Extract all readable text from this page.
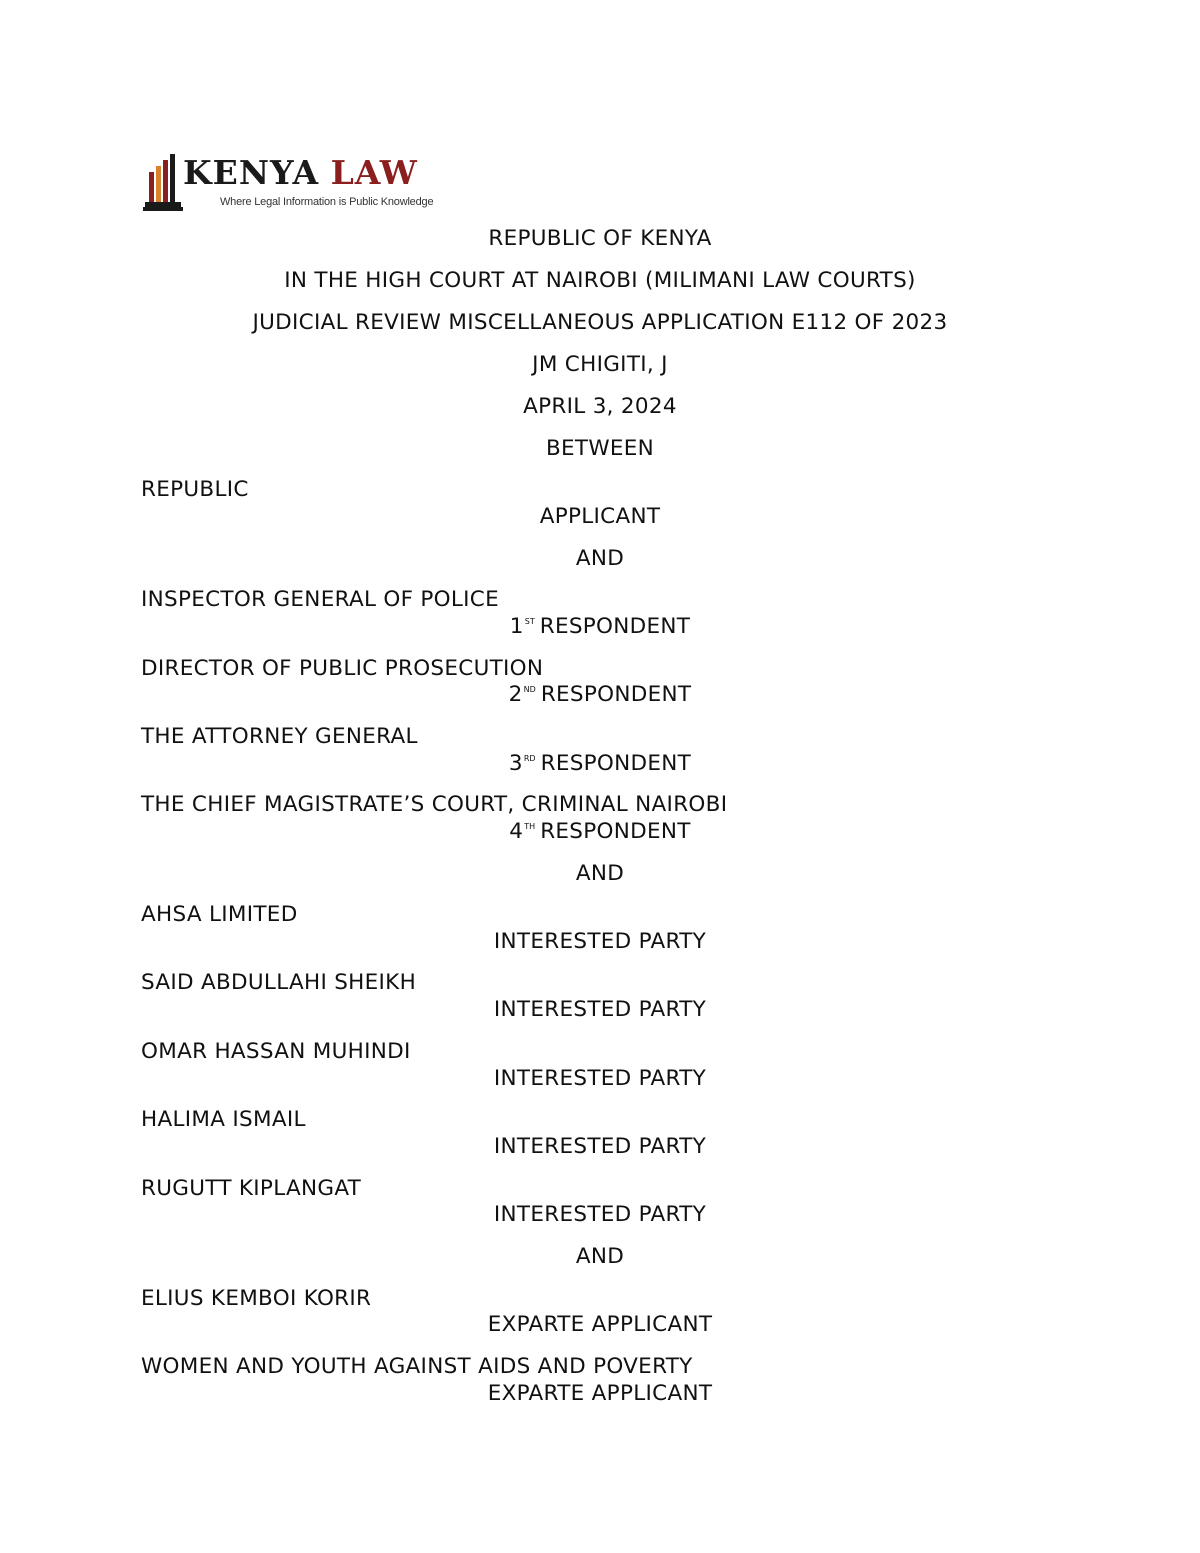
KENYA LAW
Where Legal Information is Public Knowledge
REPUBLIC OF KENYA
IN THE HIGH COURT AT NAIROBI (MILIMANI LAW COURTS)
JUDICIAL REVIEW MISCELLANEOUS APPLICATION E112 OF 2023
JM CHIGITI, J
APRIL 3, 2024
BETWEEN
REPUBLIC
APPLICANT
AND
INSPECTOR GENERAL OF POLICE
1ST RESPONDENT
DIRECTOR OF PUBLIC PROSECUTION
2ND RESPONDENT
THE ATTORNEY GENERAL
3RD RESPONDENT
THE CHIEF MAGISTRATE’S COURT, CRIMINAL NAIROBI
4TH RESPONDENT
AND
AHSA LIMITED
INTERESTED PARTY
SAID ABDULLAHI SHEIKH
INTERESTED PARTY
OMAR HASSAN MUHINDI
INTERESTED PARTY
HALIMA ISMAIL
INTERESTED PARTY
RUGUTT KIPLANGAT
INTERESTED PARTY
AND
ELIUS KEMBOI KORIR
EXPARTE APPLICANT
WOMEN AND YOUTH AGAINST AIDS AND POVERTY
EXPARTE APPLICANT
